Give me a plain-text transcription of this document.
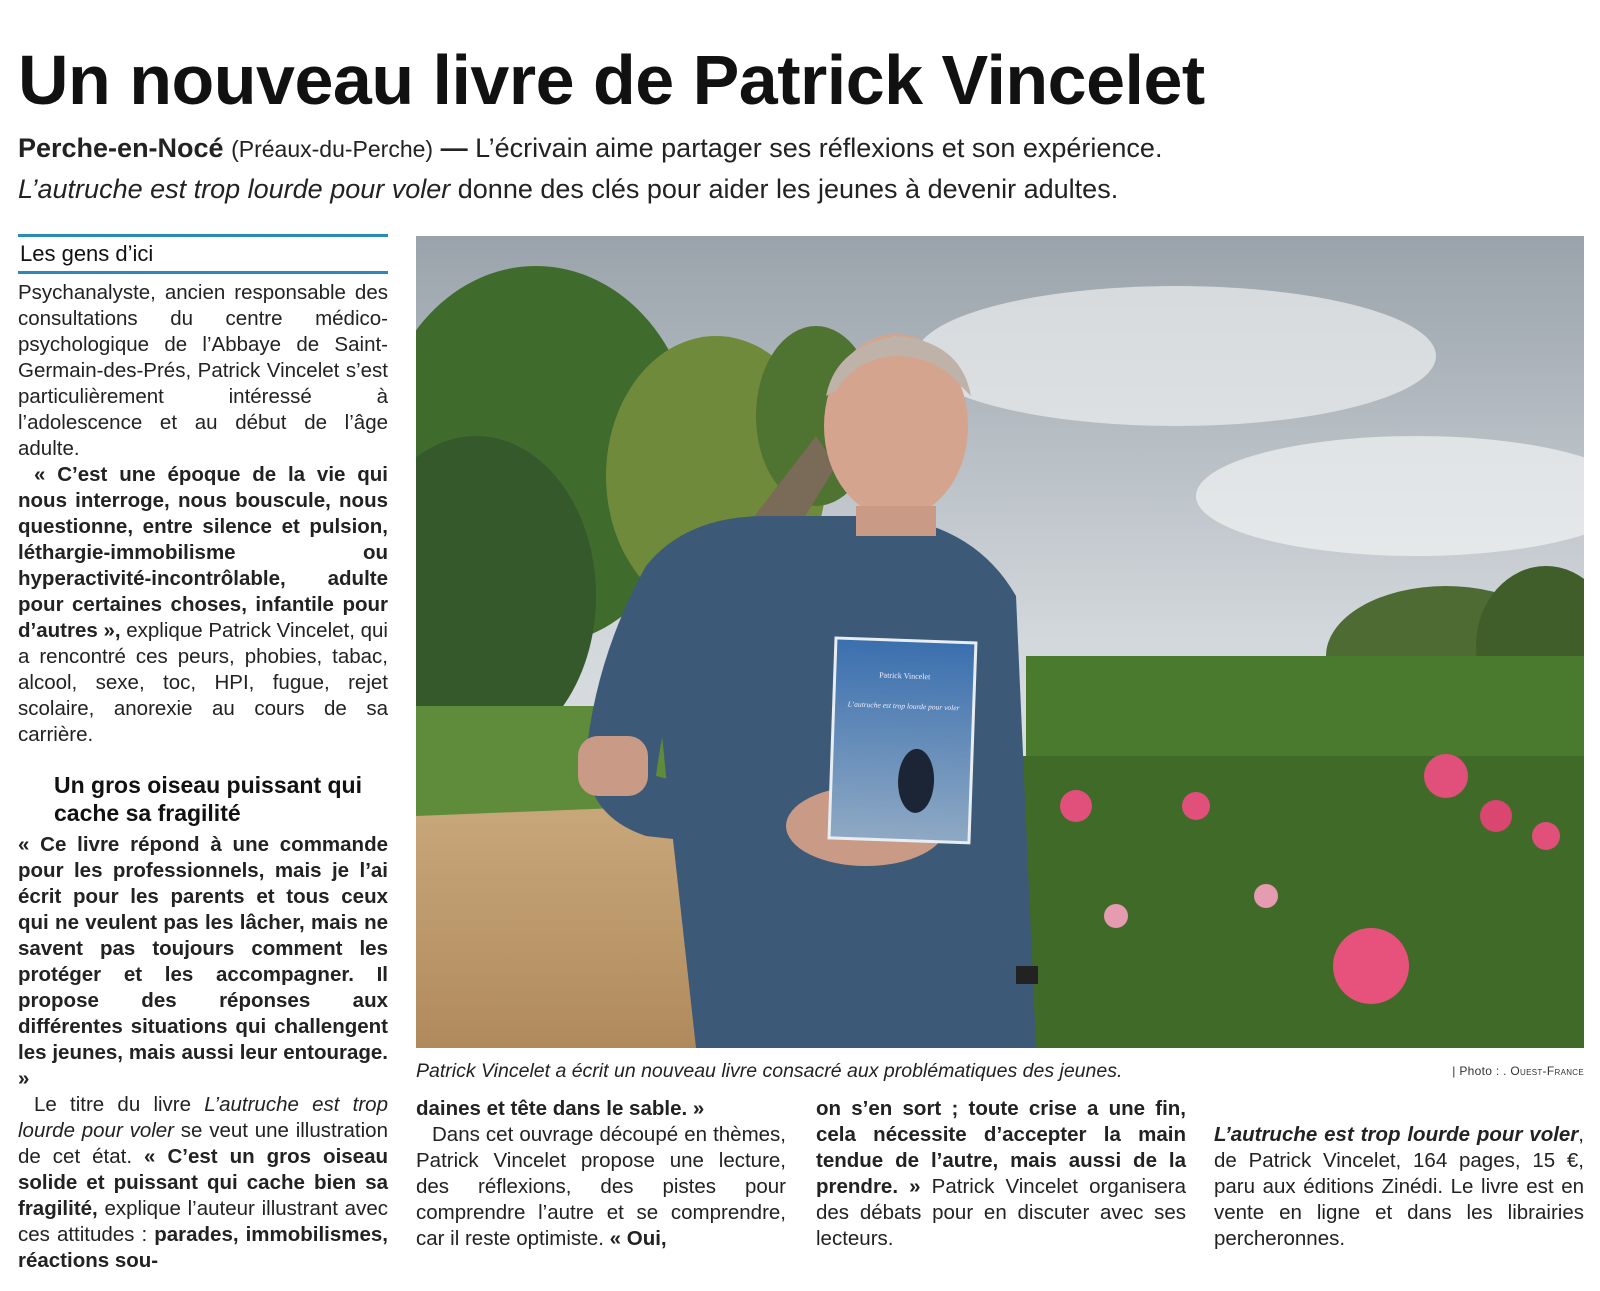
Un nouveau livre de Patrick Vincelet
Perche-en-Nocé (Préaux-du-Perche) — L’écrivain aime partager ses réflexions et son expérience.
L’autruche est trop lourde pour voler donne des clés pour aider les jeunes à devenir adultes.
Les gens d’ici

Psychanalyste, ancien responsable des consultations du centre médico-psychologique de l’Abbaye de Saint-Germain-des-Prés, Patrick Vincelet s’est particulièrement intéressé à l’adolescence et au début de l’âge adulte.

« C’est une époque de la vie qui nous interroge, nous bouscule, nous questionne, entre silence et pulsion, léthargie-immobilisme ou hyperactivité-incontrôlable, adulte pour certaines choses, infantile pour d’autres », explique Patrick Vincelet, qui a rencontré ces peurs, phobies, tabac, alcool, sexe, toc, HPI, fugue, rejet scolaire, anorexie au cours de sa carrière.

Un gros oiseau puissant qui cache sa fragilité

« Ce livre répond à une commande pour les professionnels, mais je l’ai écrit pour les parents et tous ceux qui ne veulent pas les lâcher, mais ne savent pas toujours comment les protéger et les accompagner. Il propose des réponses aux différentes situations qui challengent les jeunes, mais aussi leur entourage. »

Le titre du livre L’autruche est trop lourde pour voler se veut une illustration de cet état. « C’est un gros oiseau solide et puissant qui cache bien sa fragilité, explique l’auteur illustrant avec ces attitudes : parades, immobilismes, réactions sou-

Patrick Vincelet
L’autruche est trop lourde pour voler
Patrick Vincelet a écrit un nouveau livre consacré aux problématiques des jeunes.	| Photo : . Ouest-France

daines et tête dans le sable. »

Dans cet ouvrage découpé en thèmes, Patrick Vincelet propose une lecture, des réflexions, des pistes pour comprendre l’autre et se comprendre, car il reste optimiste. « Oui,

on s’en sort ; toute crise a une fin, cela nécessite d’accepter la main tendue de l’autre, mais aussi de la prendre. » Patrick Vincelet organisera des débats pour en discuter avec ses lecteurs.

L’autruche est trop lourde pour voler, de Patrick Vincelet, 164 pages, 15 €, paru aux éditions Zinédi. Le livre est en vente en ligne et dans les librairies percheronnes.
